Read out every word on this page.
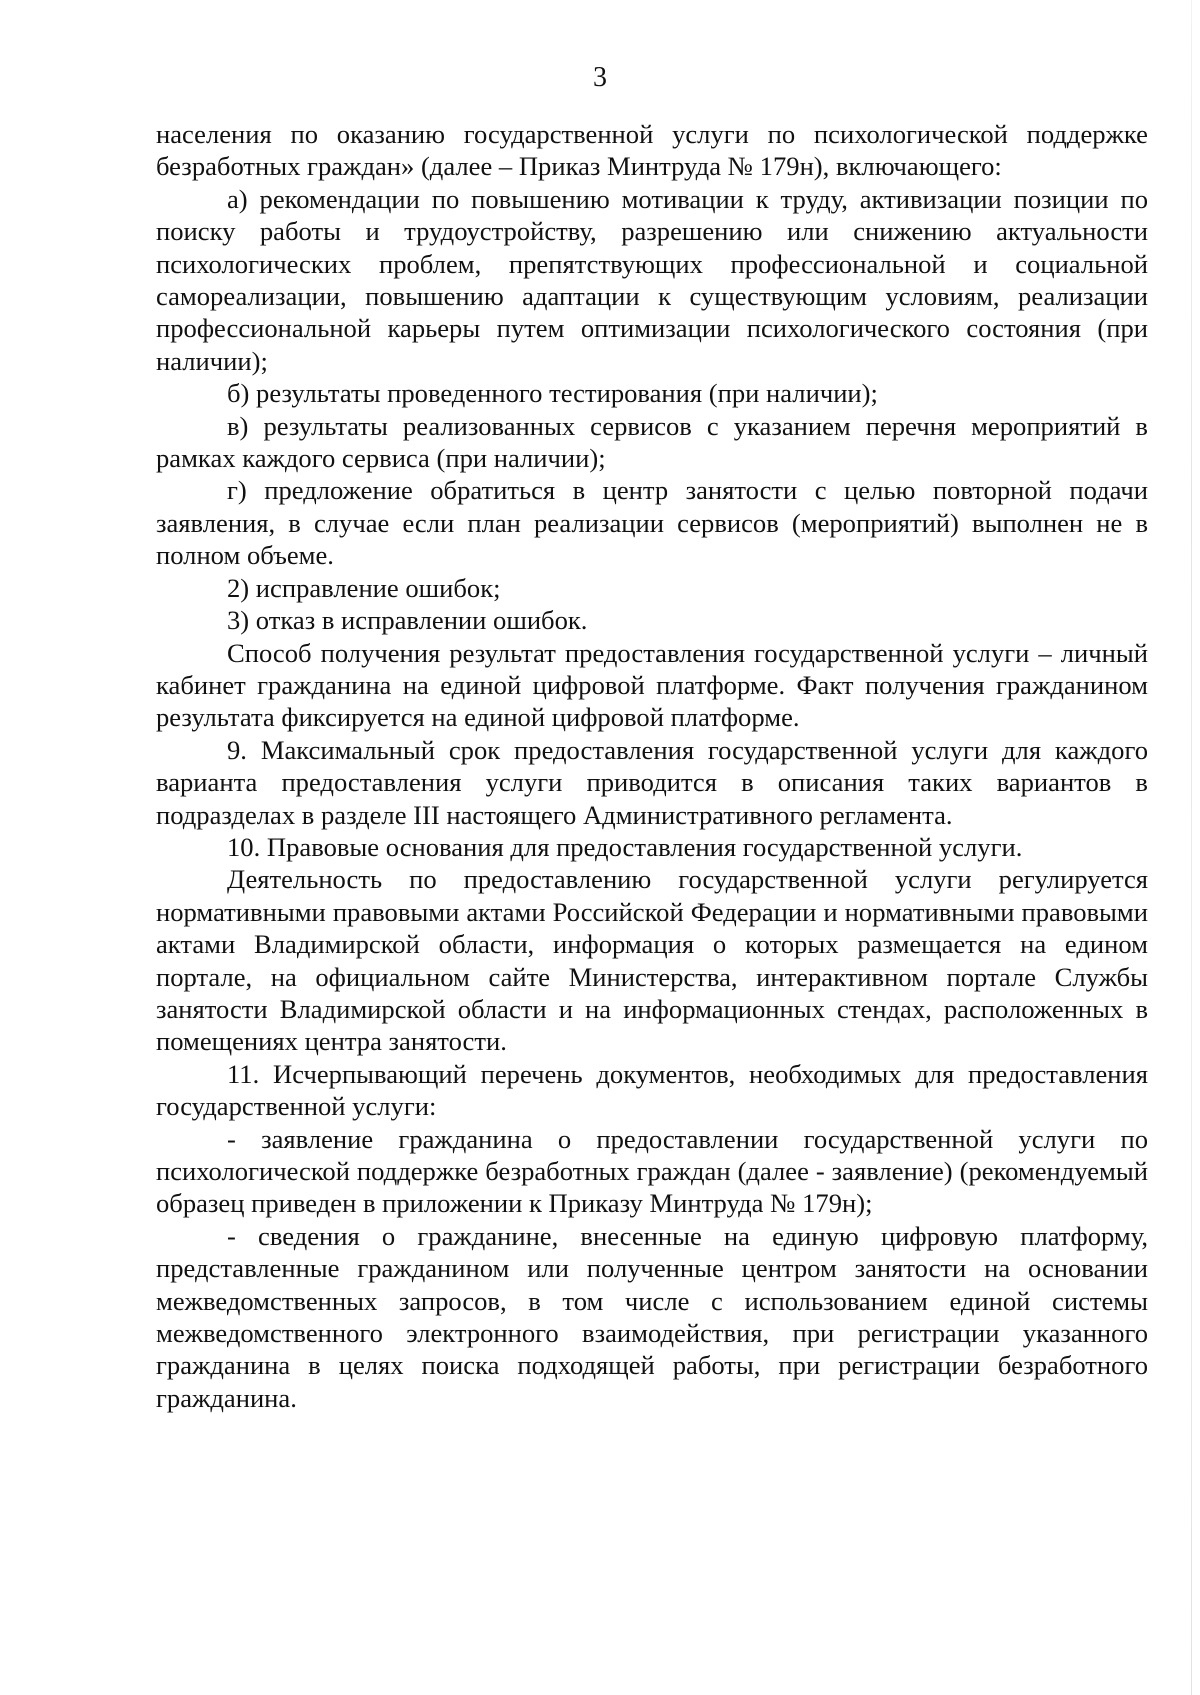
3

населения по оказанию государственной услуги по психологической поддержке безработных граждан» (далее – Приказ Минтруда № 179н), включающего:

а) рекомендации по повышению мотивации к труду, активизации позиции по поиску работы и трудоустройству, разрешению или снижению актуальности психологических проблем, препятствующих профессиональной и социальной самореализации, повышению адаптации к существующим условиям, реализации профессиональной карьеры путем оптимизации психологического состояния (при наличии);

б) результаты проведенного тестирования (при наличии);

в) результаты реализованных сервисов с указанием перечня мероприятий в рамках каждого сервиса (при наличии);

г) предложение обратиться в центр занятости с целью повторной подачи заявления, в случае если план реализации сервисов (мероприятий) выполнен не в полном объеме.

2) исправление ошибок;

3) отказ в исправлении ошибок.

Способ получения результат предоставления государственной услуги – личный кабинет гражданина на единой цифровой платформе. Факт получения гражданином результата фиксируется на единой цифровой платформе.

9. Максимальный срок предоставления государственной услуги для каждого варианта предоставления услуги приводится в описания таких вариантов в подразделах в разделе III настоящего Административного регламента.

10. Правовые основания для предоставления государственной услуги.

Деятельность по предоставлению государственной услуги регулируется нормативными правовыми актами Российской Федерации и нормативными правовыми актами Владимирской области, информация о которых размещается на едином портале, на официальном сайте Министерства, интерактивном портале Службы занятости Владимирской области и на информационных стендах, расположенных в помещениях центра занятости.

11. Исчерпывающий перечень документов, необходимых для предоставления государственной услуги:

- заявление гражданина о предоставлении государственной услуги по психологической поддержке безработных граждан (далее - заявление) (рекомендуемый образец приведен в приложении к Приказу Минтруда № 179н);

- сведения о гражданине, внесенные на единую цифровую платформу, представленные гражданином или полученные центром занятости на основании межведомственных запросов, в том числе с использованием единой системы межведомственного электронного взаимодействия, при регистрации указанного гражданина в целях поиска подходящей работы, при регистрации безработного гражданина.
